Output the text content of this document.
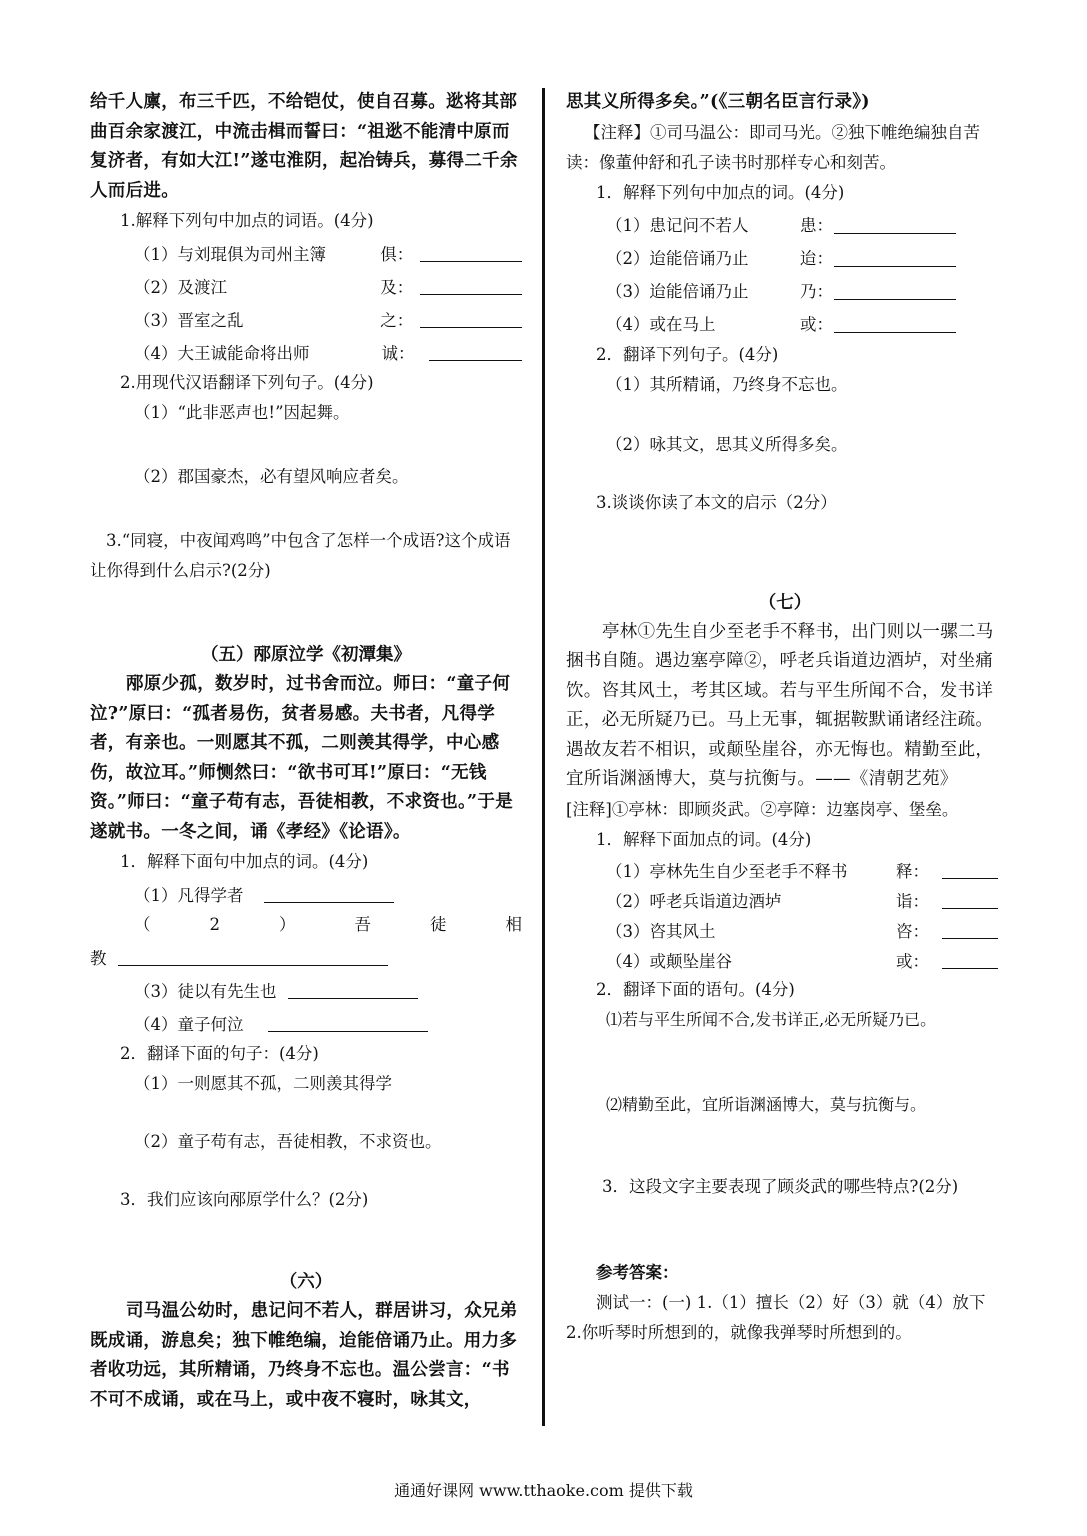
给千人廪，布三千匹，不给铠仗，使自召募。逖将其部曲百余家渡江，中流击楫而誓曰：“祖逖不能清中原而复济者，有如大江!”遂屯淮阴，起冶铸兵，募得二千余人而后进。

1.解释下列句中加点的词语。(4分)

（1）与刘琨俱为司州主簿	俱：
（2）及渡江	及：
（3）晋室之乱	之：
（4）大王诚能命将出师	诚：

2.用现代汉语翻译下列句子。(4分)

（1）“此非恶声也!”因起舞。

（2）郡国豪杰，必有望风响应者矣。

3.“同寝，中夜闻鸡鸣”中包含了怎样一个成语?这个成语让你得到什么启示?(2分)

（五）邴原泣学《初潭集》

邴原少孤，数岁时，过书舍而泣。师曰：“童子何泣?”原曰：“孤者易伤，贫者易感。夫书者，凡得学者，有亲也。一则愿其不孤，二则羡其得学，中心感伤，故泣耳。”师恻然曰：“欲书可耳!”原曰：“无钱资。”师曰：“童子苟有志，吾徒相教，不求资也。”于是遂就书。一冬之间，诵《孝经》《论语》。

1．解释下面句中加点的词。(4分)

（1）凡得学者
（	2	）	吾	徒	相
教
（3）徒以有先生也
（4）童子何泣

2．翻译下面的句子：(4分)

（1）一则愿其不孤，二则羡其得学

（2）童子苟有志，吾徒相教，不求资也。

3．我们应该向邴原学什么？(2分)

（六）

司马温公幼时，患记问不若人，群居讲习，众兄弟既成诵，游息矣；独下帷绝编，迨能倍诵乃止。用力多者收功远，其所精诵，乃终身不忘也。温公尝言：“书不可不成诵，或在马上，或中夜不寝时，咏其文，

思其义所得多矣。”(《三朝名臣言行录》)

【注释】①司马温公：即司马光。②独下帷绝编独自苦读：像董仲舒和孔子读书时那样专心和刻苦。

1．解释下列句中加点的词。(4分)

（1）患记问不若人	患：
（2）迨能倍诵乃止	迨：
（3）迨能倍诵乃止	乃：
（4）或在马上	或：

2．翻译下列句子。(4分)

（1）其所精诵，乃终身不忘也。

（2）咏其文，思其义所得多矣。

3.谈谈你读了本文的启示（2分）

（七）

亭林①先生自少至老手不释书，出门则以一骡二马捆书自随。遇边塞亭障②，呼老兵诣道边酒垆，对坐痛饮。咨其风土，考其区域。若与平生所闻不合，发书详正，必无所疑乃已。马上无事，辄据鞍默诵诸经注疏。遇故友若不相识，或颠坠崖谷，亦无悔也。精勤至此，宜所诣渊涵博大，莫与抗衡与。——《清朝艺苑》

[注释]①亭林：即顾炎武。②亭障：边塞岗亭、堡垒。

1．解释下面加点的词。(4分)

（1）亭林先生自少至老手不释书	释：
（2）呼老兵诣道边酒垆	诣：
（3）咨其风土	咨：
（4）或颠坠崖谷	或：

2．翻译下面的语句。(4分)

⑴若与平生所闻不合,发书详正,必无所疑乃已。

⑵精勤至此，宜所诣渊涵博大，莫与抗衡与。

3．这段文字主要表现了顾炎武的哪些特点?(2分)

参考答案：

测试一：(一) 1.（1）擅长（2）好（3）就（4）放下 2.你听琴时所想到的，就像我弹琴时所想到的。

通通好课网 www.tthaoke.com 提供下载
